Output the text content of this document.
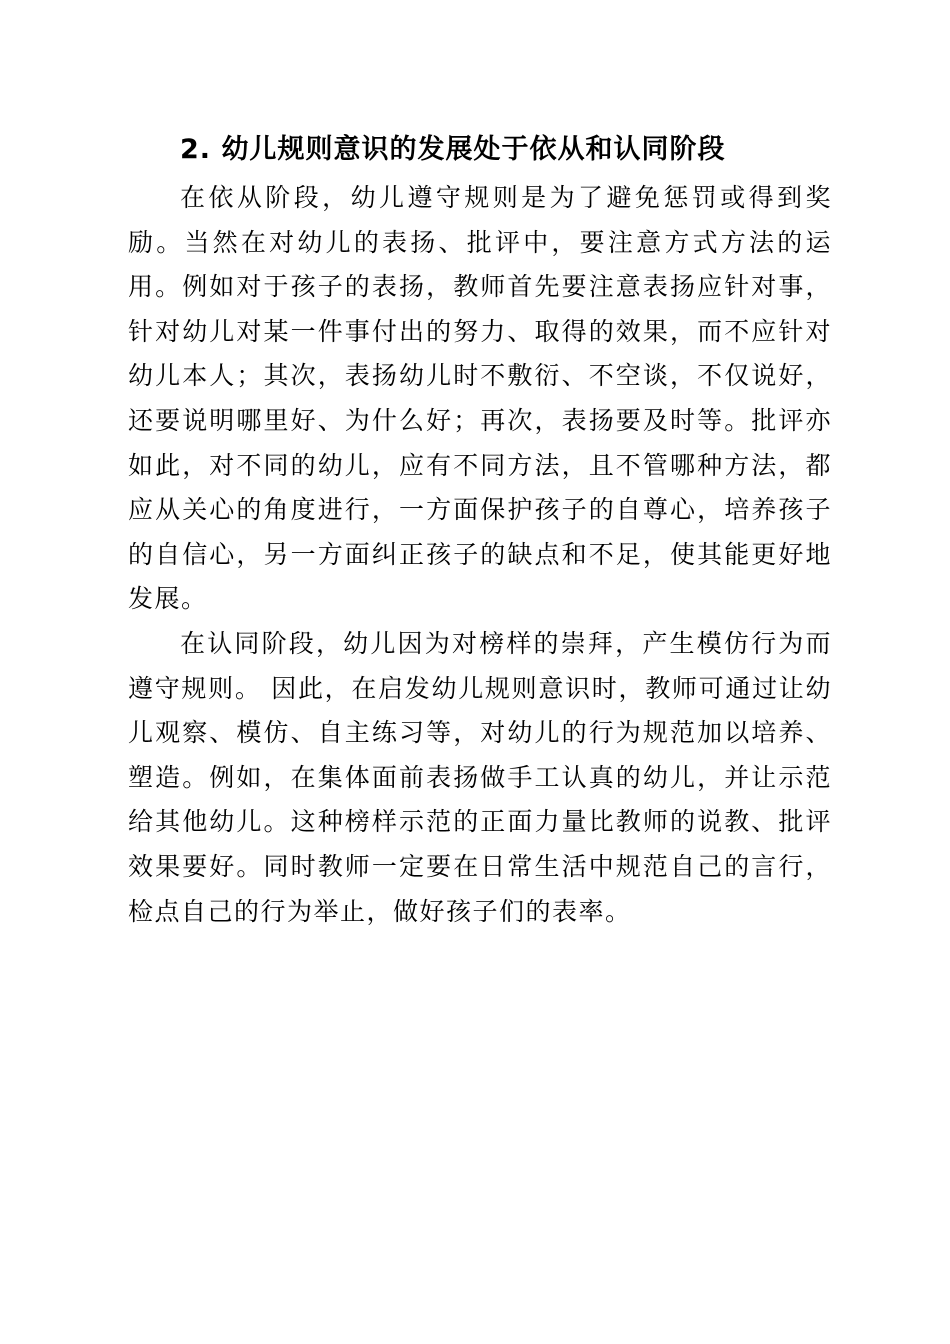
2. 幼儿规则意识的发展处于依从和认同阶段

在依从阶段，幼儿遵守规则是为了避免惩罚或得到奖励。当然在对幼儿的表扬、批评中，要注意方式方法的运用。例如对于孩子的表扬，教师首先要注意表扬应针对事，针对幼儿对某一件事付出的努力、取得的效果，而不应针对幼儿本人；其次，表扬幼儿时不敷衍、不空谈，不仅说好，还要说明哪里好、为什么好；再次，表扬要及时等。批评亦如此，对不同的幼儿，应有不同方法，且不管哪种方法，都应从关心的角度进行，一方面保护孩子的自尊心，培养孩子的自信心，另一方面纠正孩子的缺点和不足，使其能更好地发展。

在认同阶段，幼儿因为对榜样的崇拜，产生模仿行为而遵守规则。 因此，在启发幼儿规则意识时，教师可通过让幼儿观察、模仿、自主练习等，对幼儿的行为规范加以培养、塑造。例如，在集体面前表扬做手工认真的幼儿，并让示范给其他幼儿。这种榜样示范的正面力量比教师的说教、批评效果要好。同时教师一定要在日常生活中规范自己的言行，检点自己的行为举止，做好孩子们的表率。
